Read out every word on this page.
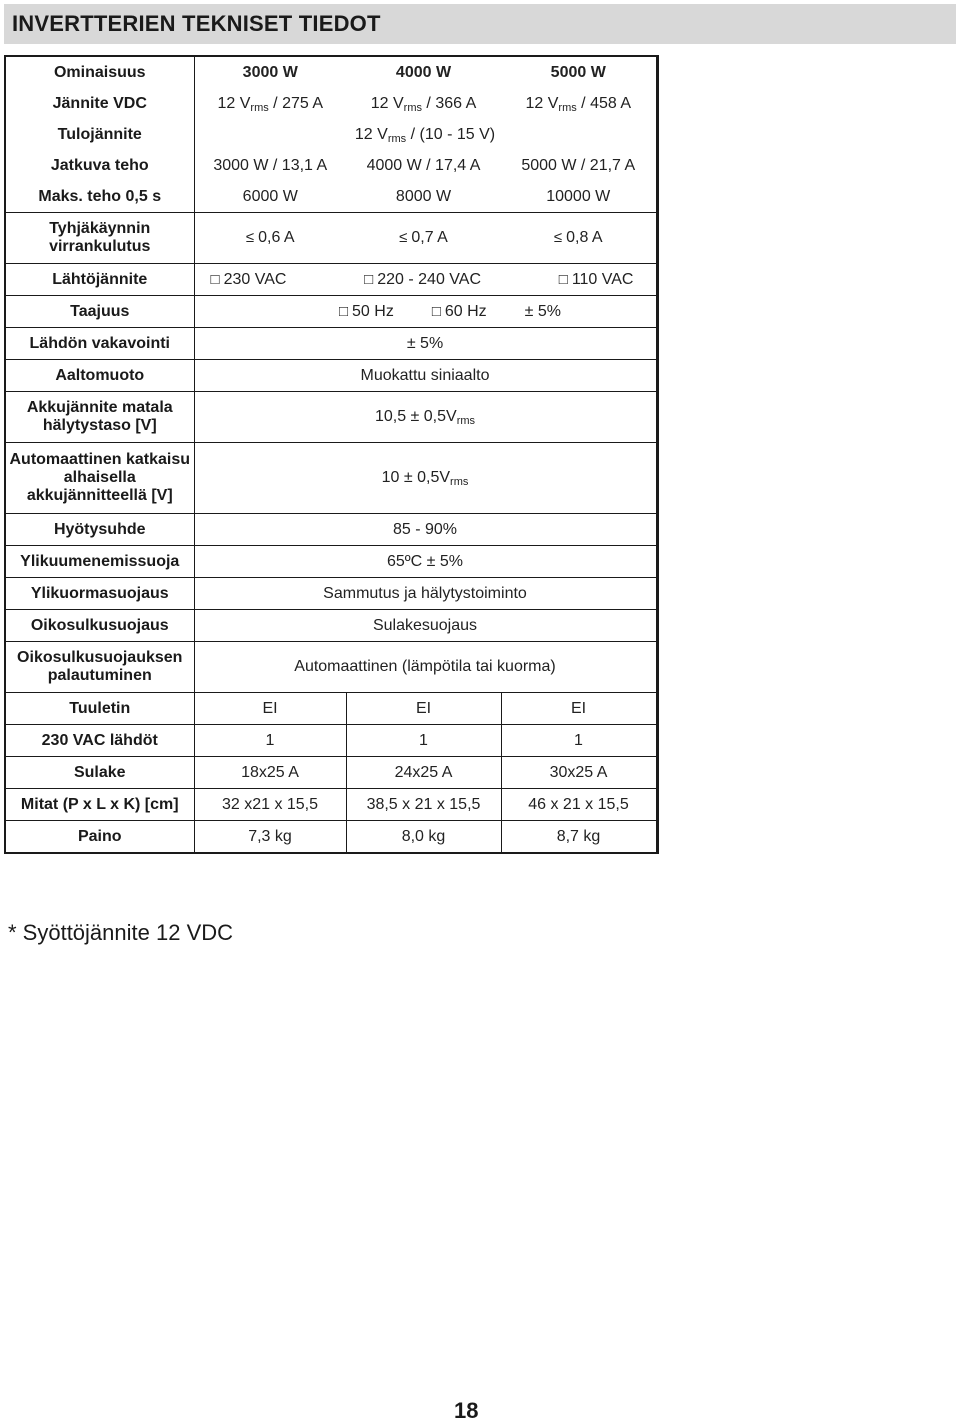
INVERTTERIEN TEKNISET TIEDOT
Ominaisuus	3000 W	4000 W	5000 W
Jännite VDC	12 $V_{rms} / 275$ A	12 $V_{rms} / 366$ A	12 $V_{rms} / 458$ A
Tulojännite	12 $V_{rms} / (10 - 15$ V)		
Jatkuva teho	3000 W / 13,1 A	4000 W / 17,4 A	5000 W / 21,7 A
Maks. teho 0,5 s	6000 W	8000 W	10000 W
Tyhjäkäynnin virrankulutus	≤ 0,6 A	≤ 0,7 A	≤ 0,8 A
Lähtöjännite	□ 230 VAC □ 220 - 240 VAC □ 110 VAC		

Taajuus	□ 50 Hz □ 60 Hz ± 5%		

Lähdön vakavointi	± 5%		
Aaltomuoto	Muokattu siniaalto		
Akkujännite matala hälytystaso [V]	$10,5 \pm 0,5V_{rms}$
Automaattinen katkaisu alhaisella akkujännitteellä [V]	$10 \pm 0,5V_{rms}$
Hyötysuhde	85 - 90%		
Ylikuumenemissuoja	65ºC ± 5%		
Ylikuormasuojaus	Sammutus ja hälytystoiminto		
Oikosulkusuojaus	Sulakesuojaus		
Oikosulkusuojauksen palautuminen	Automaattinen (lämpötila tai kuorma)		
Tuuletin	EI	EI	EI
230 VAC lähdöt	1	1	1
Sulake	18x25 A	24x25 A	30x25 A
Mitat (P x L x K) [cm]	32 x21 x 15,5	38,5 x 21 x 15,5	46 x 21 x 15,5
Paino	7,3 kg	8,0 kg	8,7 kg
* Syöttöjännite 12 VDC
18
